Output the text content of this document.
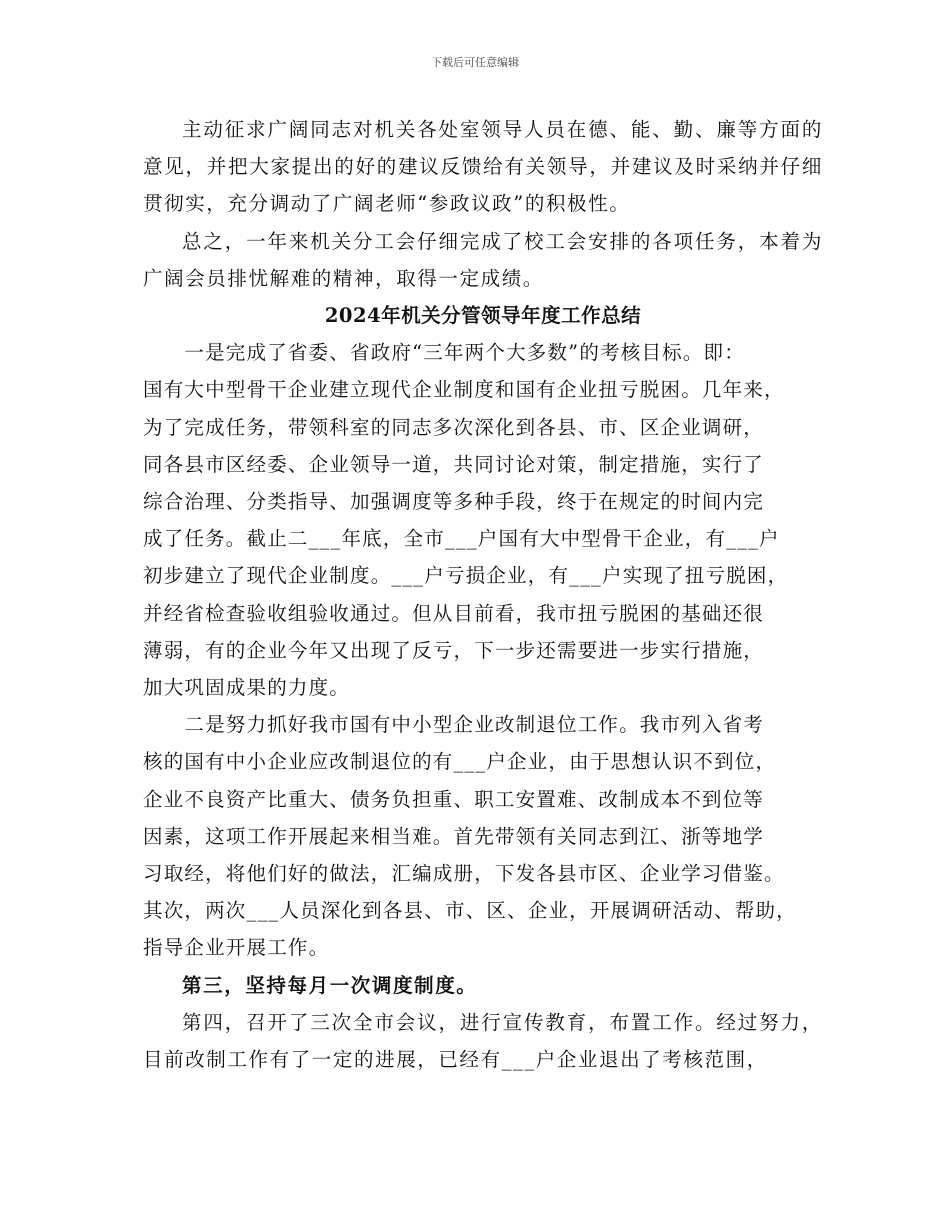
下载后可任意编辑

主动征求广阔同志对机关各处室领导人员在德、能、勤、廉等方面的意见，并把大家提出的好的建议反馈给有关领导，并建议及时采纳并仔细贯彻实，充分调动了广阔老师“参政议政”的积极性。

总之，一年来机关分工会仔细完成了校工会安排的各项任务，本着为广阔会员排忧解难的精神，取得一定成绩。

2024年机关分管领导年度工作总结

　　一是完成了省委、省政府“三年两个大多数”的考核目标。即：
国有大中型骨干企业建立现代企业制度和国有企业扭亏脱困。几年来，
为了完成任务，带领科室的同志多次深化到各县、市、区企业调研，
同各县市区经委、企业领导一道，共同讨论对策，制定措施，实行了
综合治理、分类指导、加强调度等多种手段，终于在规定的时间内完
成了任务。截止二___年底，全市___户国有大中型骨干企业，有___户
初步建立了现代企业制度。___户亏损企业，有___户实现了扭亏脱困，
并经省检查验收组验收通过。但从目前看，我市扭亏脱困的基础还很
薄弱，有的企业今年又出现了反亏，下一步还需要进一步实行措施，
加大巩固成果的力度。

　　二是努力抓好我市国有中小型企业改制退位工作。我市列入省考
核的国有中小企业应改制退位的有___户企业，由于思想认识不到位，
企业不良资产比重大、债务负担重、职工安置难、改制成本不到位等
因素，这项工作开展起来相当难。首先带领有关同志到江、浙等地学
习取经，将他们好的做法，汇编成册，下发各县市区、企业学习借鉴。
其次，两次___人员深化到各县、市、区、企业，开展调研活动、帮助，
指导企业开展工作。

第三，坚持每月一次调度制度。

第四，召开了三次全市会议，进行宣传教育，布置工作。经过努力，目前改制工作有了一定的进展，已经有___户企业退出了考核范围，
